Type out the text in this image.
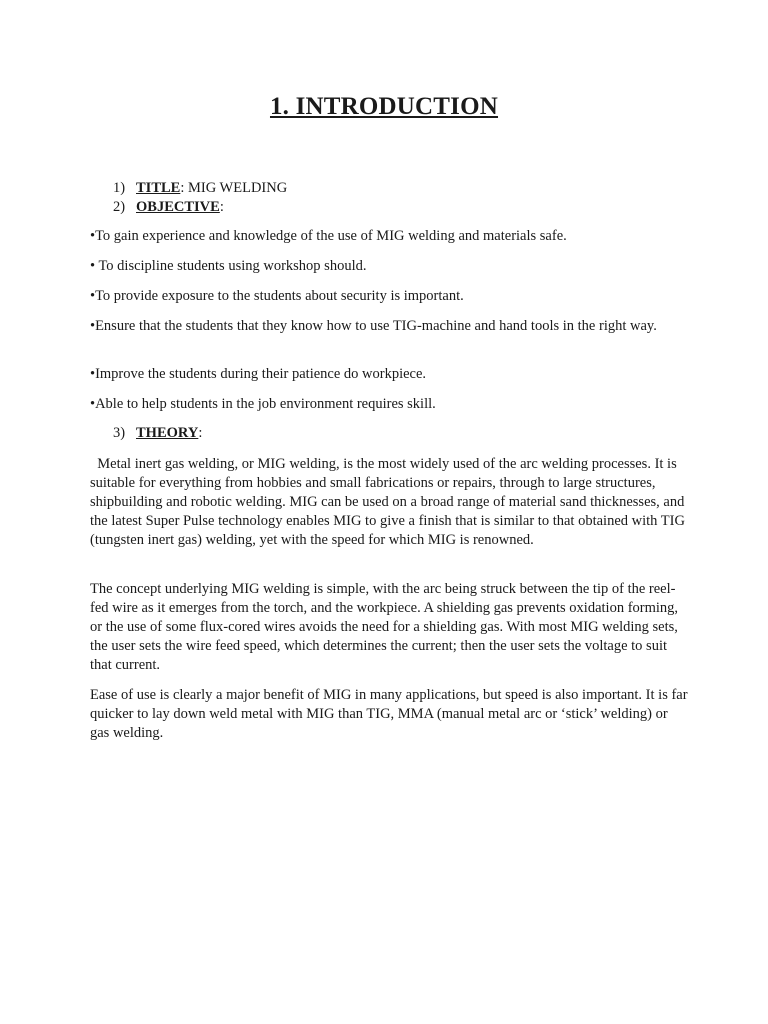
1. INTRODUCTION
1) TITLE: MIG WELDING
2) OBJECTIVE:

•To gain experience and knowledge of the use of MIG welding and materials safe.

• To discipline students using workshop should.

•To provide exposure to the students about security is important.

•Ensure that the students that they know how to use TIG-machine and hand tools in the right way.

•Improve the students during their patience do workpiece.

•Able to help students in the job environment requires skill.

3) THEORY:

Metal inert gas welding, or MIG welding, is the most widely used of the arc welding processes. It is suitable for everything from hobbies and small fabrications or repairs, through to large structures, shipbuilding and robotic welding. MIG can be used on a broad range of material sand thicknesses, and the latest Super Pulse technology enables MIG to give a finish that is similar to that obtained with TIG (tungsten inert gas) welding, yet with the speed for which MIG is renowned.

The concept underlying MIG welding is simple, with the arc being struck between the tip of the reel-fed wire as it emerges from the torch, and the workpiece. A shielding gas prevents oxidation forming, or the use of some flux-cored wires avoids the need for a shielding gas. With most MIG welding sets, the user sets the wire feed speed, which determines the current; then the user sets the voltage to suit that current.

Ease of use is clearly a major benefit of MIG in many applications, but speed is also important. It is far quicker to lay down weld metal with MIG than TIG, MMA (manual metal arc or ‘stick’ welding) or gas welding.
